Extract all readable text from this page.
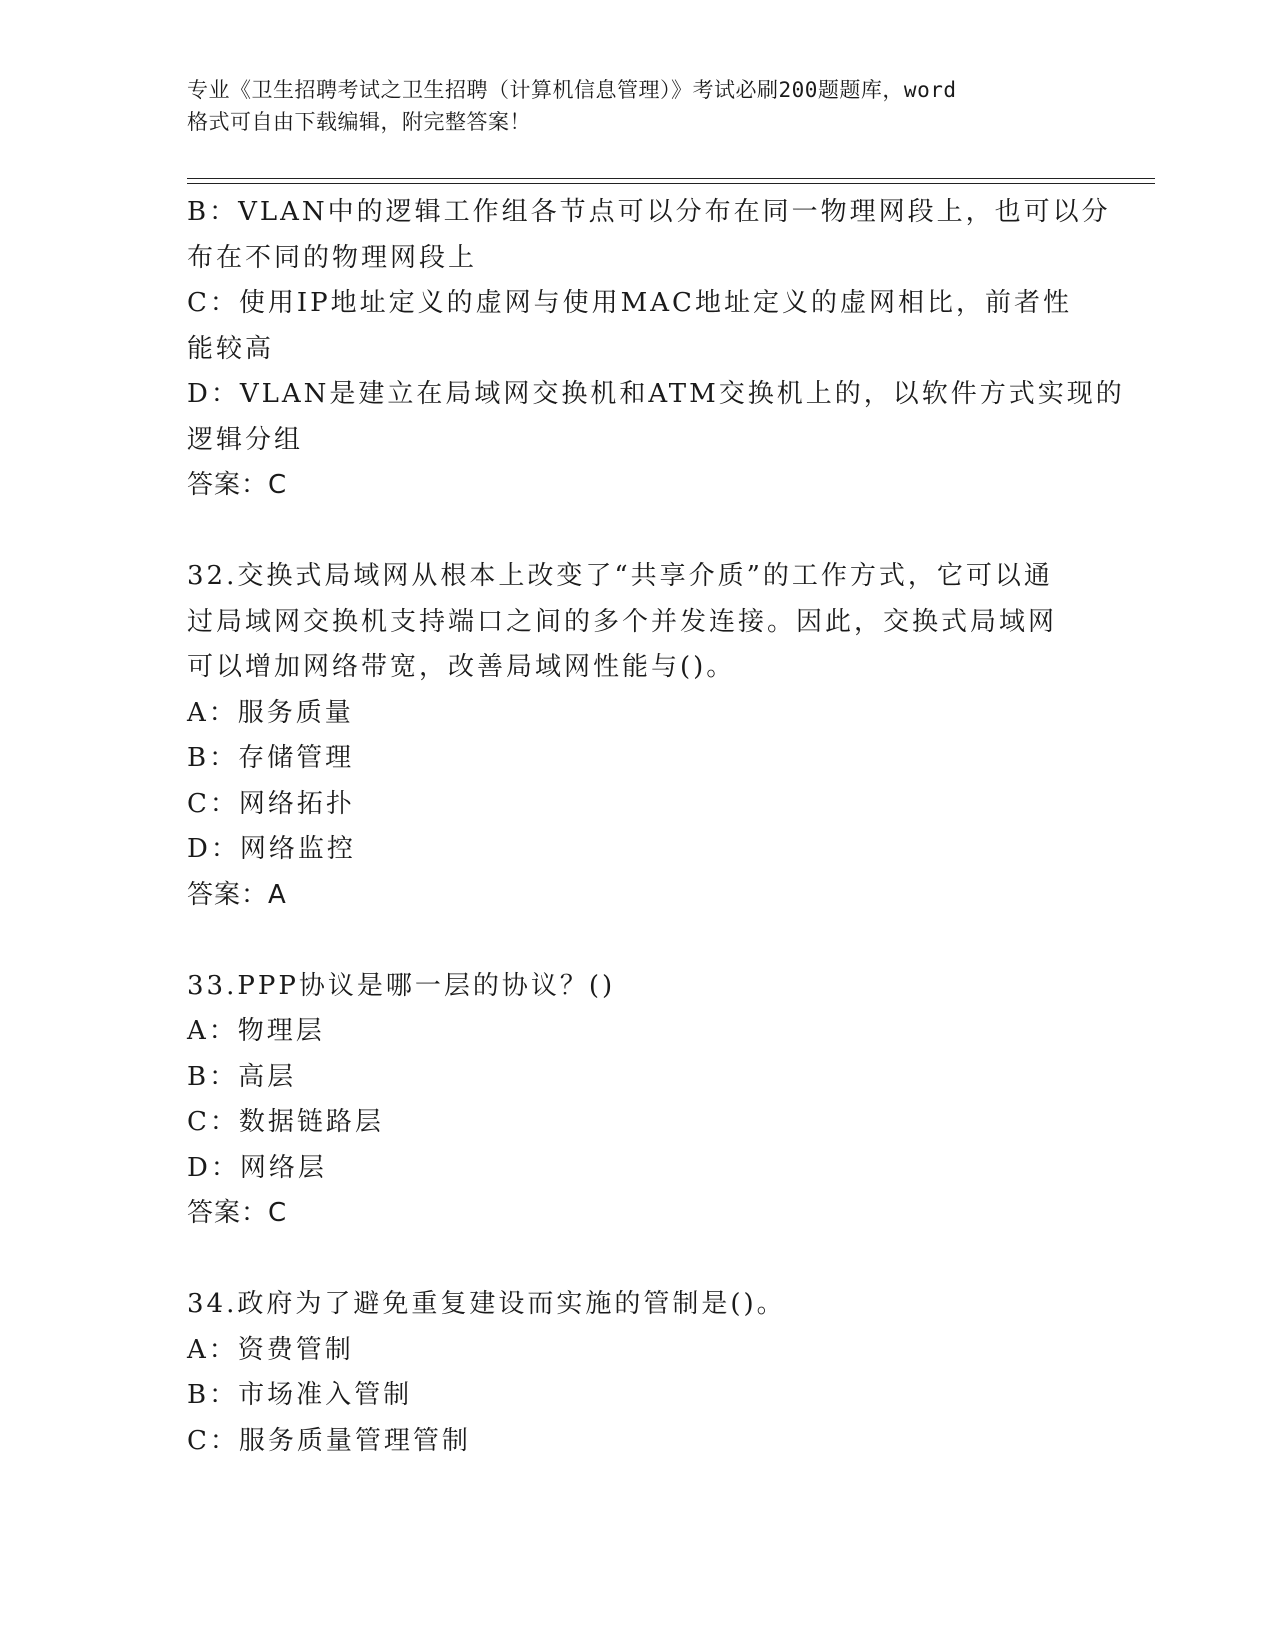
专业《卫生招聘考试之卫生招聘（计算机信息管理）》考试必刷200题题库，word
格式可自由下载编辑，附完整答案！
B：VLAN中的逻辑工作组各节点可以分布在同一物理网段上，也可以分
布在不同的物理网段上
C：使用IP地址定义的虚网与使用MAC地址定义的虚网相比，前者性
能较高
D：VLAN是建立在局域网交换机和ATM交换机上的，以软件方式实现的
逻辑分组
答案：C
32.交换式局域网从根本上改变了“共享介质”的工作方式，它可以通
过局域网交换机支持端口之间的多个并发连接。因此，交换式局域网
可以增加网络带宽，改善局域网性能与()。
A：服务质量
B：存储管理
C：网络拓扑
D：网络监控
答案：A
33.PPP协议是哪一层的协议？()
A：物理层
B：高层
C：数据链路层
D：网络层
答案：C
34.政府为了避免重复建设而实施的管制是()。
A：资费管制
B：市场准入管制
C：服务质量管理管制
